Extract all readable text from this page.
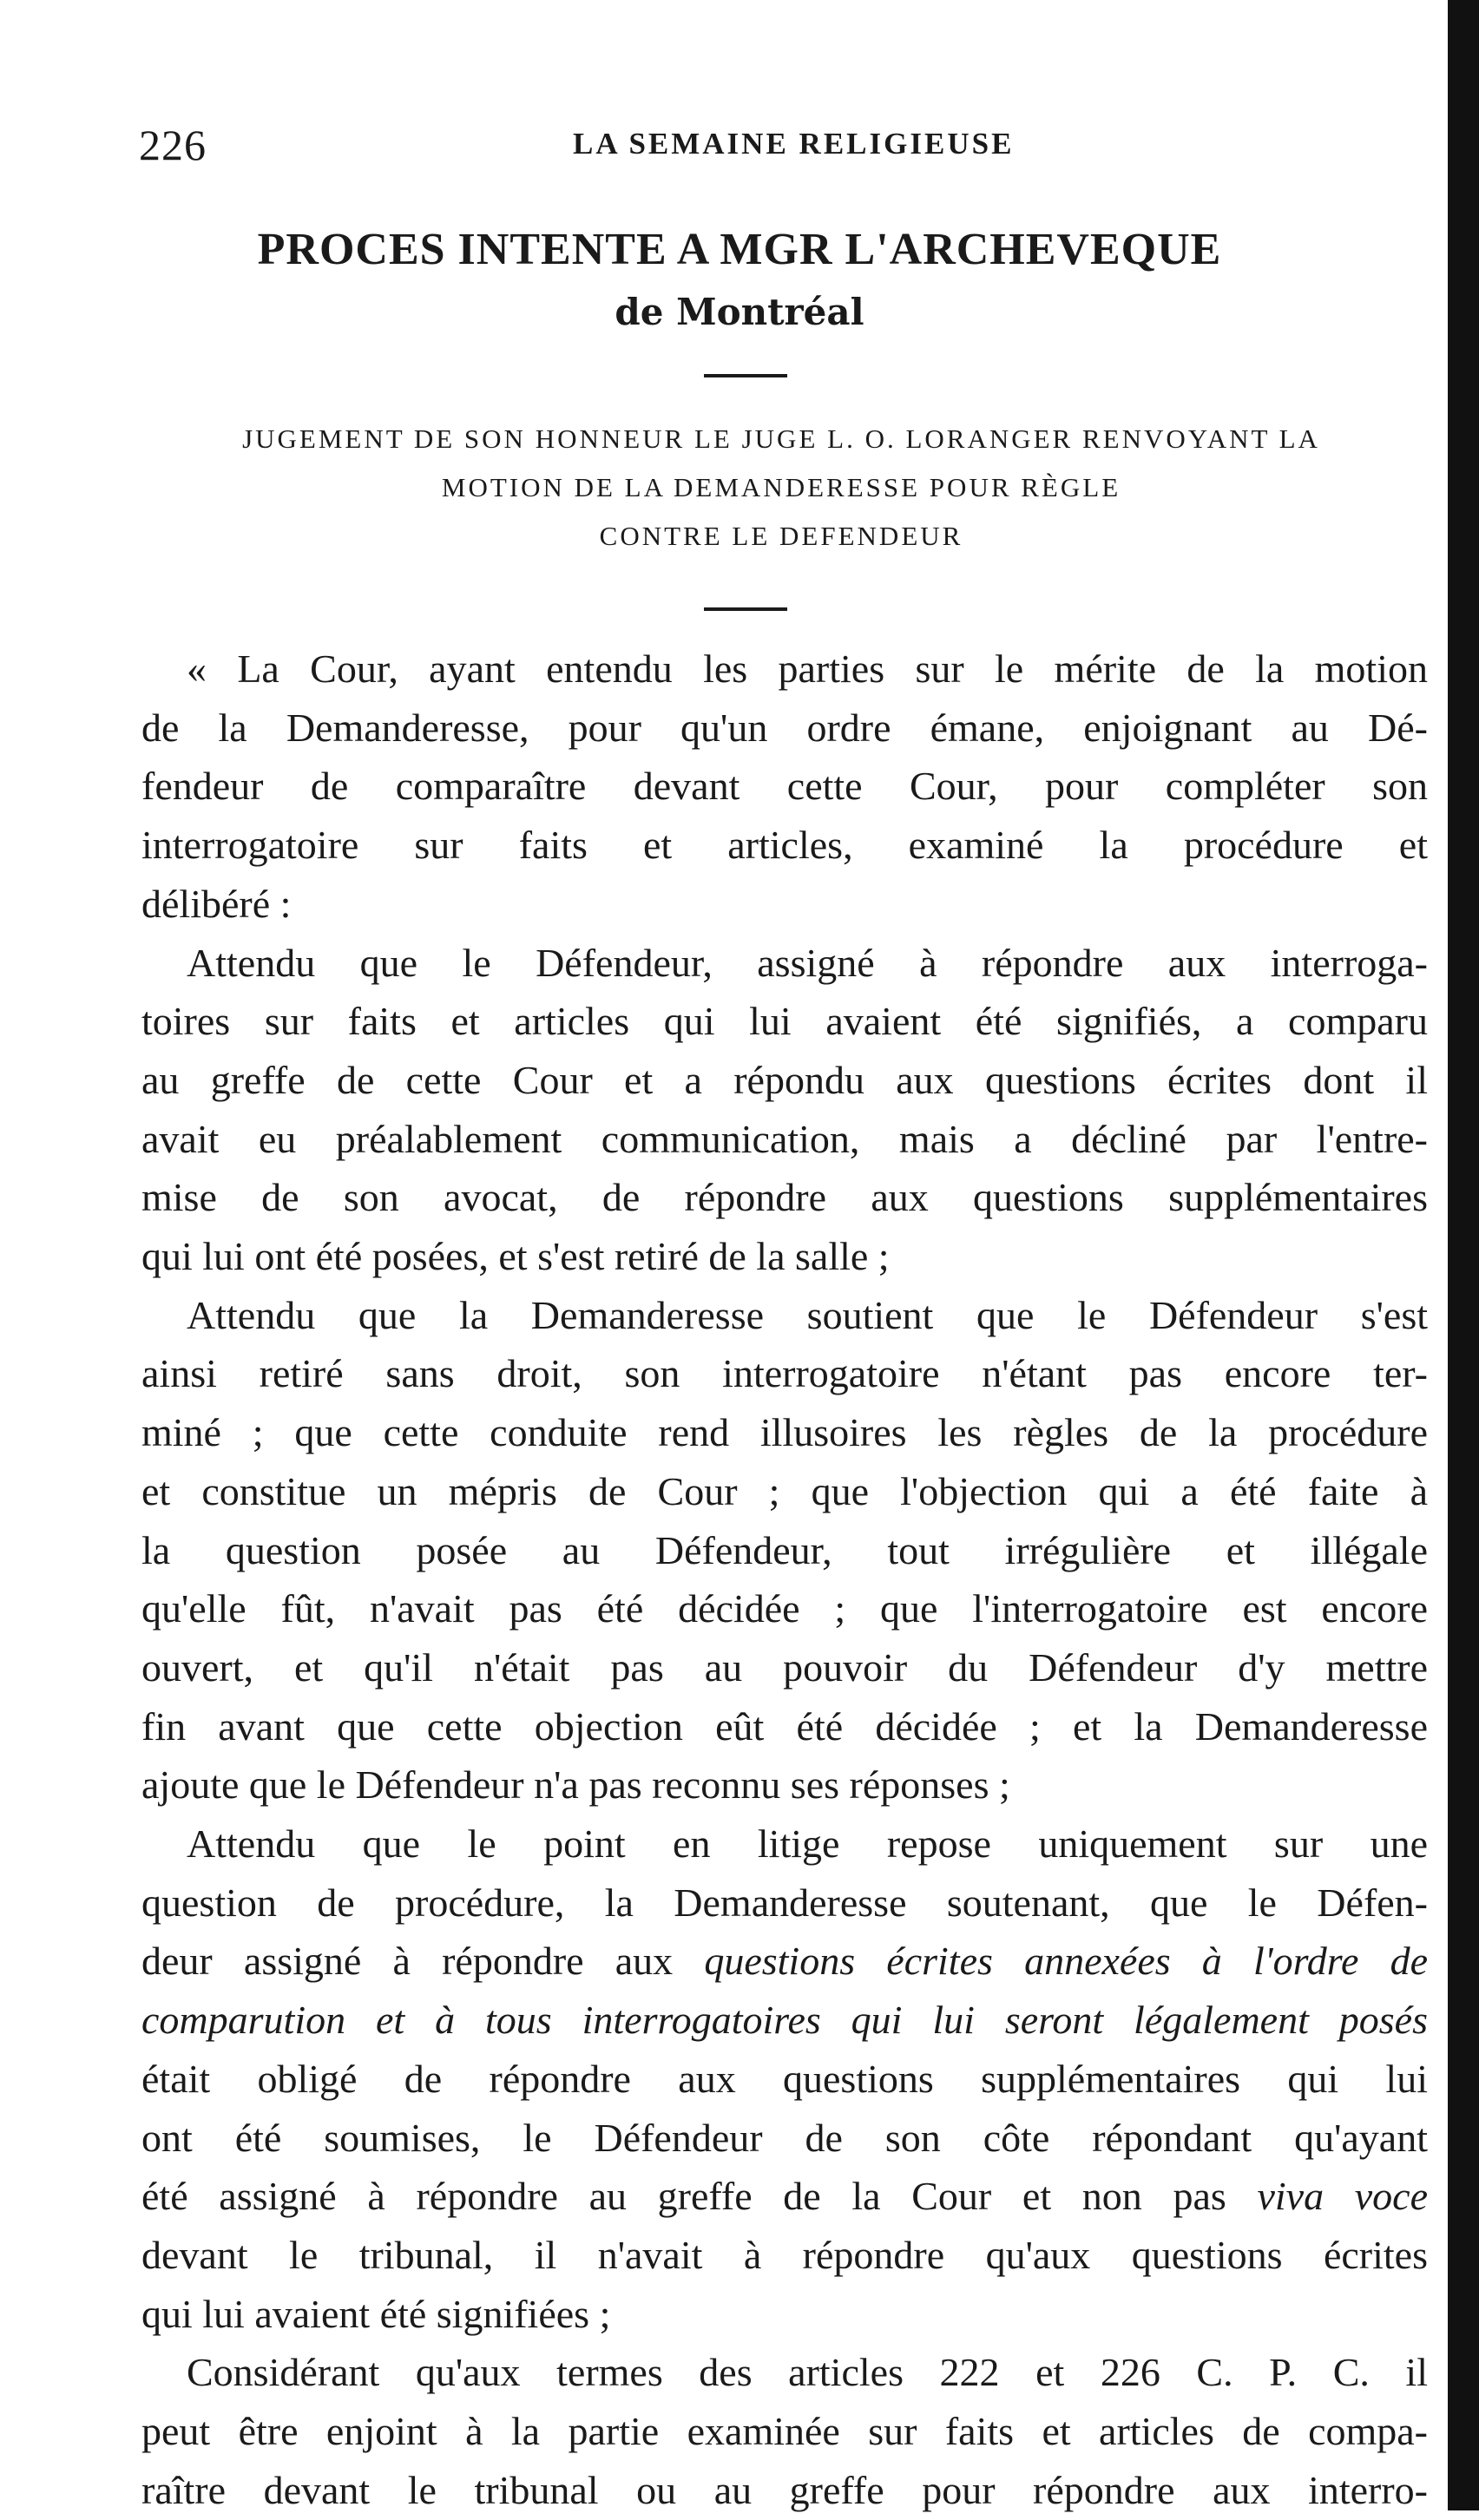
226	LA SEMAINE RELIGIEUSE
PROCES INTENTE A MGR L'ARCHEVEQUE
de Montréal
JUGEMENT DE SON HONNEUR LE JUGE L. O. LORANGER RENVOYANT LA
MOTION DE LA DEMANDERESSE POUR RÈGLE
CONTRE LE DEFENDEUR
« La Cour, ayant entendu les parties sur le mérite de la motion
de la Demanderesse, pour qu'un ordre émane, enjoignant au Dé-
fendeur de comparaître devant cette Cour, pour compléter son
interrogatoire sur faits et articles, examiné la procédure et
délibéré :
Attendu que le Défendeur, assigné à répondre aux interroga-
toires sur faits et articles qui lui avaient été signifiés, a comparu
au greffe de cette Cour et a répondu aux questions écrites dont il
avait eu préalablement communication, mais a décliné par l'entre-
mise de son avocat, de répondre aux questions supplémentaires
qui lui ont été posées, et s'est retiré de la salle ;
Attendu que la Demanderesse soutient que le Défendeur s'est
ainsi retiré sans droit, son interrogatoire n'étant pas encore ter-
miné ; que cette conduite rend illusoires les règles de la procédure
et constitue un mépris de Cour ; que l'objection qui a été faite à
la question posée au Défendeur, tout irrégulière et illégale
qu'elle fût, n'avait pas été décidée ; que l'interrogatoire est encore
ouvert, et qu'il n'était pas au pouvoir du Défendeur d'y mettre
fin avant que cette objection eût été décidée ; et la Demanderesse
ajoute que le Défendeur n'a pas reconnu ses réponses ;
Attendu que le point en litige repose uniquement sur une
question de procédure, la Demanderesse soutenant, que le Défen-
deur assigné à répondre aux questions écrites annexées à l'ordre de
comparution et à tous interrogatoires qui lui seront légalement posés
était obligé de répondre aux questions supplémentaires qui lui
ont été soumises, le Défendeur de son côte répondant qu'ayant
été assigné à répondre au greffe de la Cour et non pas viva voce
devant le tribunal, il n'avait à répondre qu'aux questions écrites
qui lui avaient été signifiées ;
Considérant qu'aux termes des articles 222 et 226 C. P. C. il
peut être enjoint à la partie examinée sur faits et articles de compa-
raître devant le tribunal ou au greffe pour répondre aux interro-
